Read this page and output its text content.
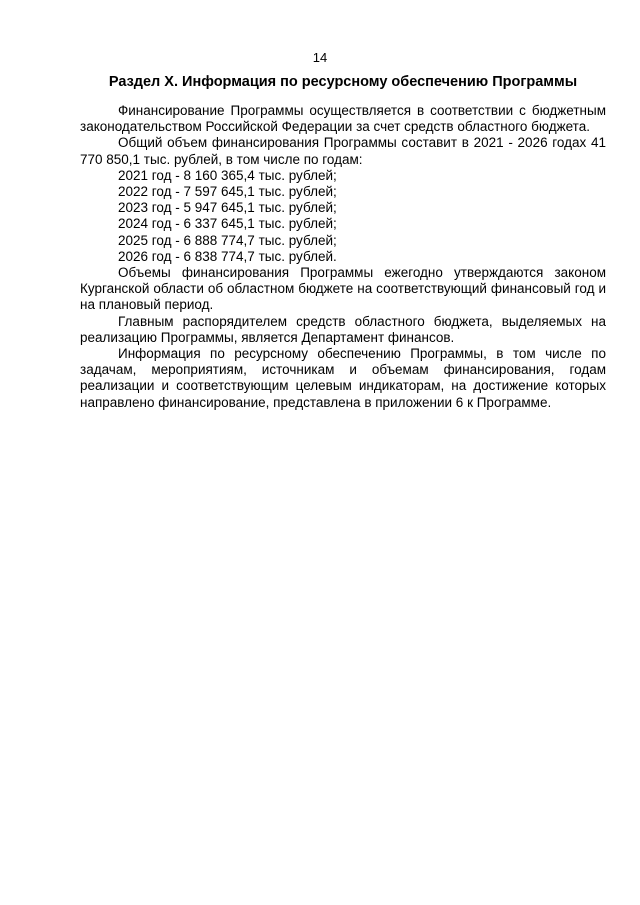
14
Раздел X. Информация по ресурсному обеспечению Программы

Финансирование Программы осуществляется в соответствии с бюджетным законодательством Российской Федерации за счет средств областного бюджета.

Общий объем финансирования Программы составит в 2021 - 2026 годах 41 770 850,1 тыс. рублей, в том числе по годам:

2021 год - 8 160 365,4 тыс. рублей;

2022 год - 7 597 645,1 тыс. рублей;

2023 год - 5 947 645,1 тыс. рублей;

2024 год - 6 337 645,1 тыс. рублей;

2025 год - 6 888 774,7 тыс. рублей;

2026 год - 6 838 774,7 тыс. рублей.

Объемы финансирования Программы ежегодно утверждаются законом Курганской области об областном бюджете на соответствующий финансовый год и на плановый период.

Главным распорядителем средств областного бюджета, выделяемых на реализацию Программы, является Департамент финансов.

Информация по ресурсному обеспечению Программы, в том числе по задачам, мероприятиям, источникам и объемам финансирования, годам реализации и соответствующим целевым индикаторам, на достижение которых направлено финансирование, представлена в приложении 6 к Программе.
